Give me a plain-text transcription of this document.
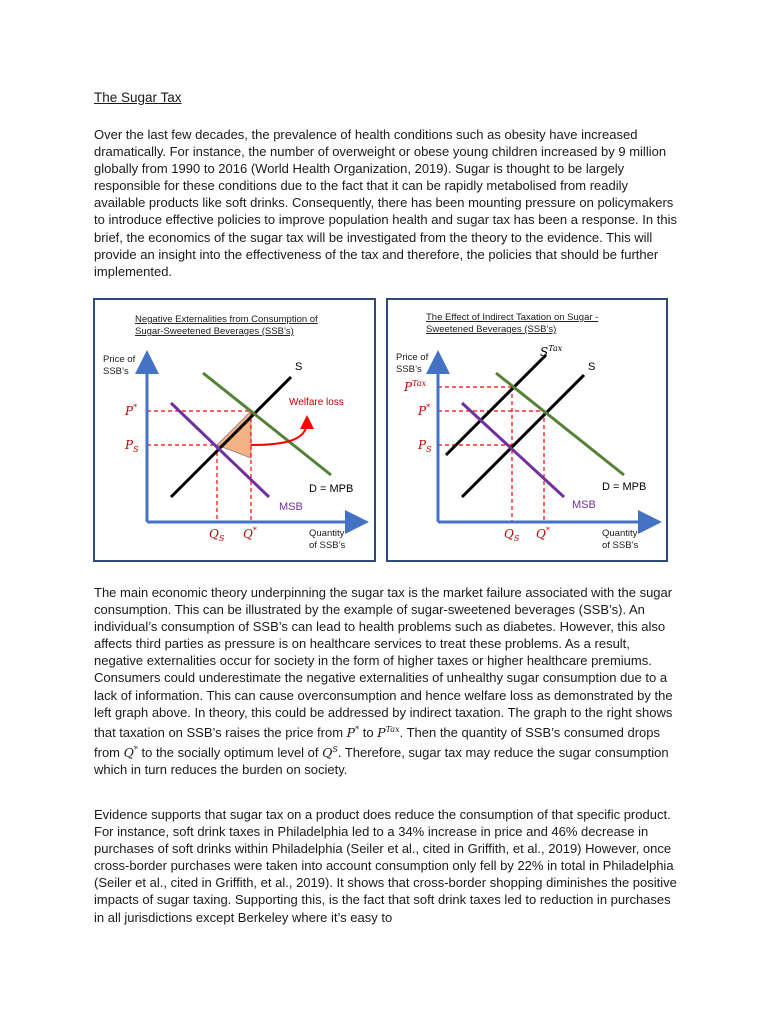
The Sugar Tax

Over the last few decades, the prevalence of health conditions such as obesity have increased dramatically. For instance, the number of overweight or obese young children increased by 9 million globally from 1990 to 2016 (World Health Organization, 2019). Sugar is thought to be largely responsible for these conditions due to the fact that it can be rapidly metabolised from readily available products like soft drinks. Consequently, there has been mounting pressure on policymakers to introduce effective policies to improve population health and sugar tax has been a response. In this brief, the economics of the sugar tax will be investigated from the theory to the evidence. This will provide an insight into the effectiveness of the tax and therefore, the policies that should be further implemented.

Negative Externalities from Consumption of
Sugar-Sweetened Beverages (SSB’s)
Price of
SSB’s
Welfare loss
S
D = MPB
MSB
P*
$P_S$
$Q_S$ Q*	Quantity
of SSB’s
The Effect of Indirect Taxation on Sugar -
Sweetened Beverages (SSB’s)
Price of
SSB’s
$S^{Tax}$
S
D = MPB
MSB
$P^{Tax}$
P*
$P_S$
$Q_S$ Q*	Quantity
of SSB’s

The main economic theory underpinning the sugar tax is the market failure associated with the sugar consumption. This can be illustrated by the example of sugar-sweetened beverages (SSB’s). An individual’s consumption of SSB’s can lead to health problems such as diabetes. However, this also affects third parties as pressure is on healthcare services to treat these problems. As a result, negative externalities occur for society in the form of higher taxes or higher healthcare premiums. Consumers could underestimate the negative externalities of unhealthy sugar consumption due to a lack of information. This can cause overconsumption and hence welfare loss as demonstrated by the left graph above. In theory, this could be addressed by indirect taxation. The graph to the right shows that taxation on SSB’s raises the price from P* to $P^{Tax}$. Then the quantity of SSB’s consumed drops from Q* to the socially optimum level of $Q^S$. Therefore, sugar tax may reduce the sugar consumption which in turn reduces the burden on society.

Evidence supports that sugar tax on a product does reduce the consumption of that specific product. For instance, soft drink taxes in Philadelphia led to a 34% increase in price and 46% decrease in purchases of soft drinks within Philadelphia (Seiler et al., cited in Griffith, et al., 2019) However, once cross-border purchases were taken into account consumption only fell by 22% in total in Philadelphia (Seiler et al., cited in Griffith, et al., 2019). It shows that cross-border shopping diminishes the positive impacts of sugar taxing. Supporting this, is the fact that soft drink taxes led to reduction in purchases in all jurisdictions except Berkeley where it’s easy to
